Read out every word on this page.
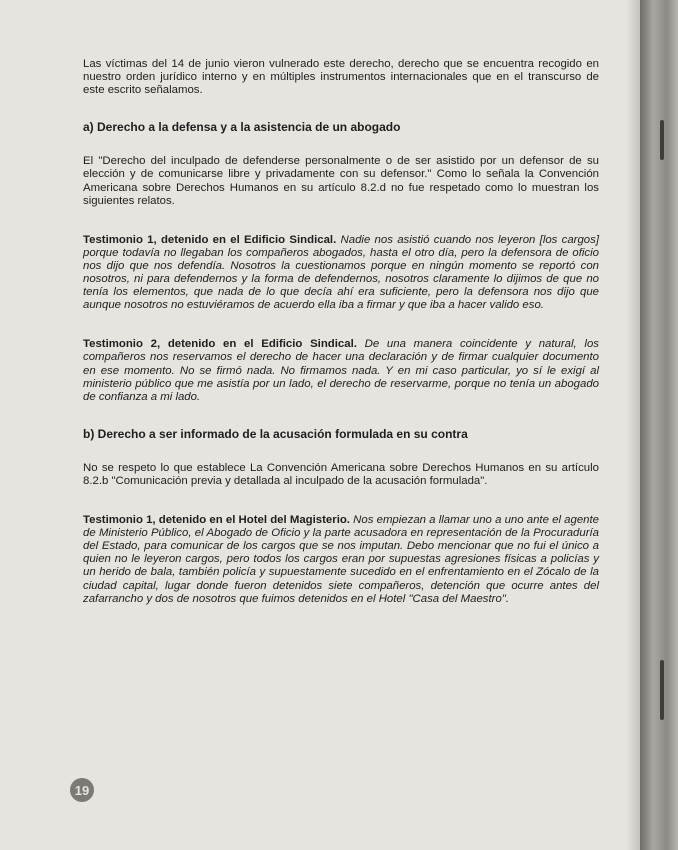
Las víctimas del 14 de junio vieron vulnerado este derecho, derecho que se encuentra recogido en nuestro orden jurídico interno y en múltiples instrumentos internacionales que en el transcurso de este escrito señalamos.

a) Derecho a la defensa y a la asistencia de un abogado

El "Derecho del inculpado de defenderse personalmente o de ser asistido por un defensor de su elección y de comunicarse libre y privadamente con su defensor." Como lo señala la Convención Americana sobre Derechos Humanos en su artículo 8.2.d no fue respetado como lo muestran los siguientes relatos.

Testimonio 1, detenido en el Edificio Sindical. Nadie nos asistió cuando nos leyeron [los cargos] porque todavía no llegaban los compañeros abogados, hasta el otro día, pero la defensora de oficio nos dijo que nos defendía. Nosotros la cuestionamos porque en ningún momento se reportó con nosotros, ni para defendernos y la forma de defendernos, nosotros claramente lo dijimos de que no tenía los elementos, que nada de lo que decía ahí era suficiente, pero la defensora nos dijo que aunque nosotros no estuviéramos de acuerdo ella iba a firmar y que iba a hacer valido eso.

Testimonio 2, detenido en el Edificio Sindical. De una manera coincidente y natural, los compañeros nos reservamos el derecho de hacer una declaración y de firmar cualquier documento en ese momento. No se firmó nada. No firmamos nada. Y en mi caso particular, yo sí le exigí al ministerio público que me asistía por un lado, el derecho de reservarme, porque no tenía un abogado de confianza a mi lado.

b) Derecho a ser informado de la acusación formulada en su contra

No se respeto lo que establece La Convención Americana sobre Derechos Humanos en su artículo 8.2.b "Comunicación previa y detallada al inculpado de la acusación formulada".

Testimonio 1, detenido en el Hotel del Magisterio. Nos empiezan a llamar uno a uno ante el agente de Ministerio Público, el Abogado de Oficio y la parte acusadora en representación de la Procuraduría del Estado, para comunicar de los cargos que se nos imputan. Debo mencionar que no fui el único a quien no le leyeron cargos, pero todos los cargos eran por supuestas agresiones físicas a policías y un herido de bala, también policía y supuestamente sucedido en el enfrentamiento en el Zócalo de la ciudad capital, lugar donde fueron detenidos siete compañeros, detención que ocurre antes del zafarrancho y dos de nosotros que fuimos detenidos en el Hotel "Casa del Maestro".

19
